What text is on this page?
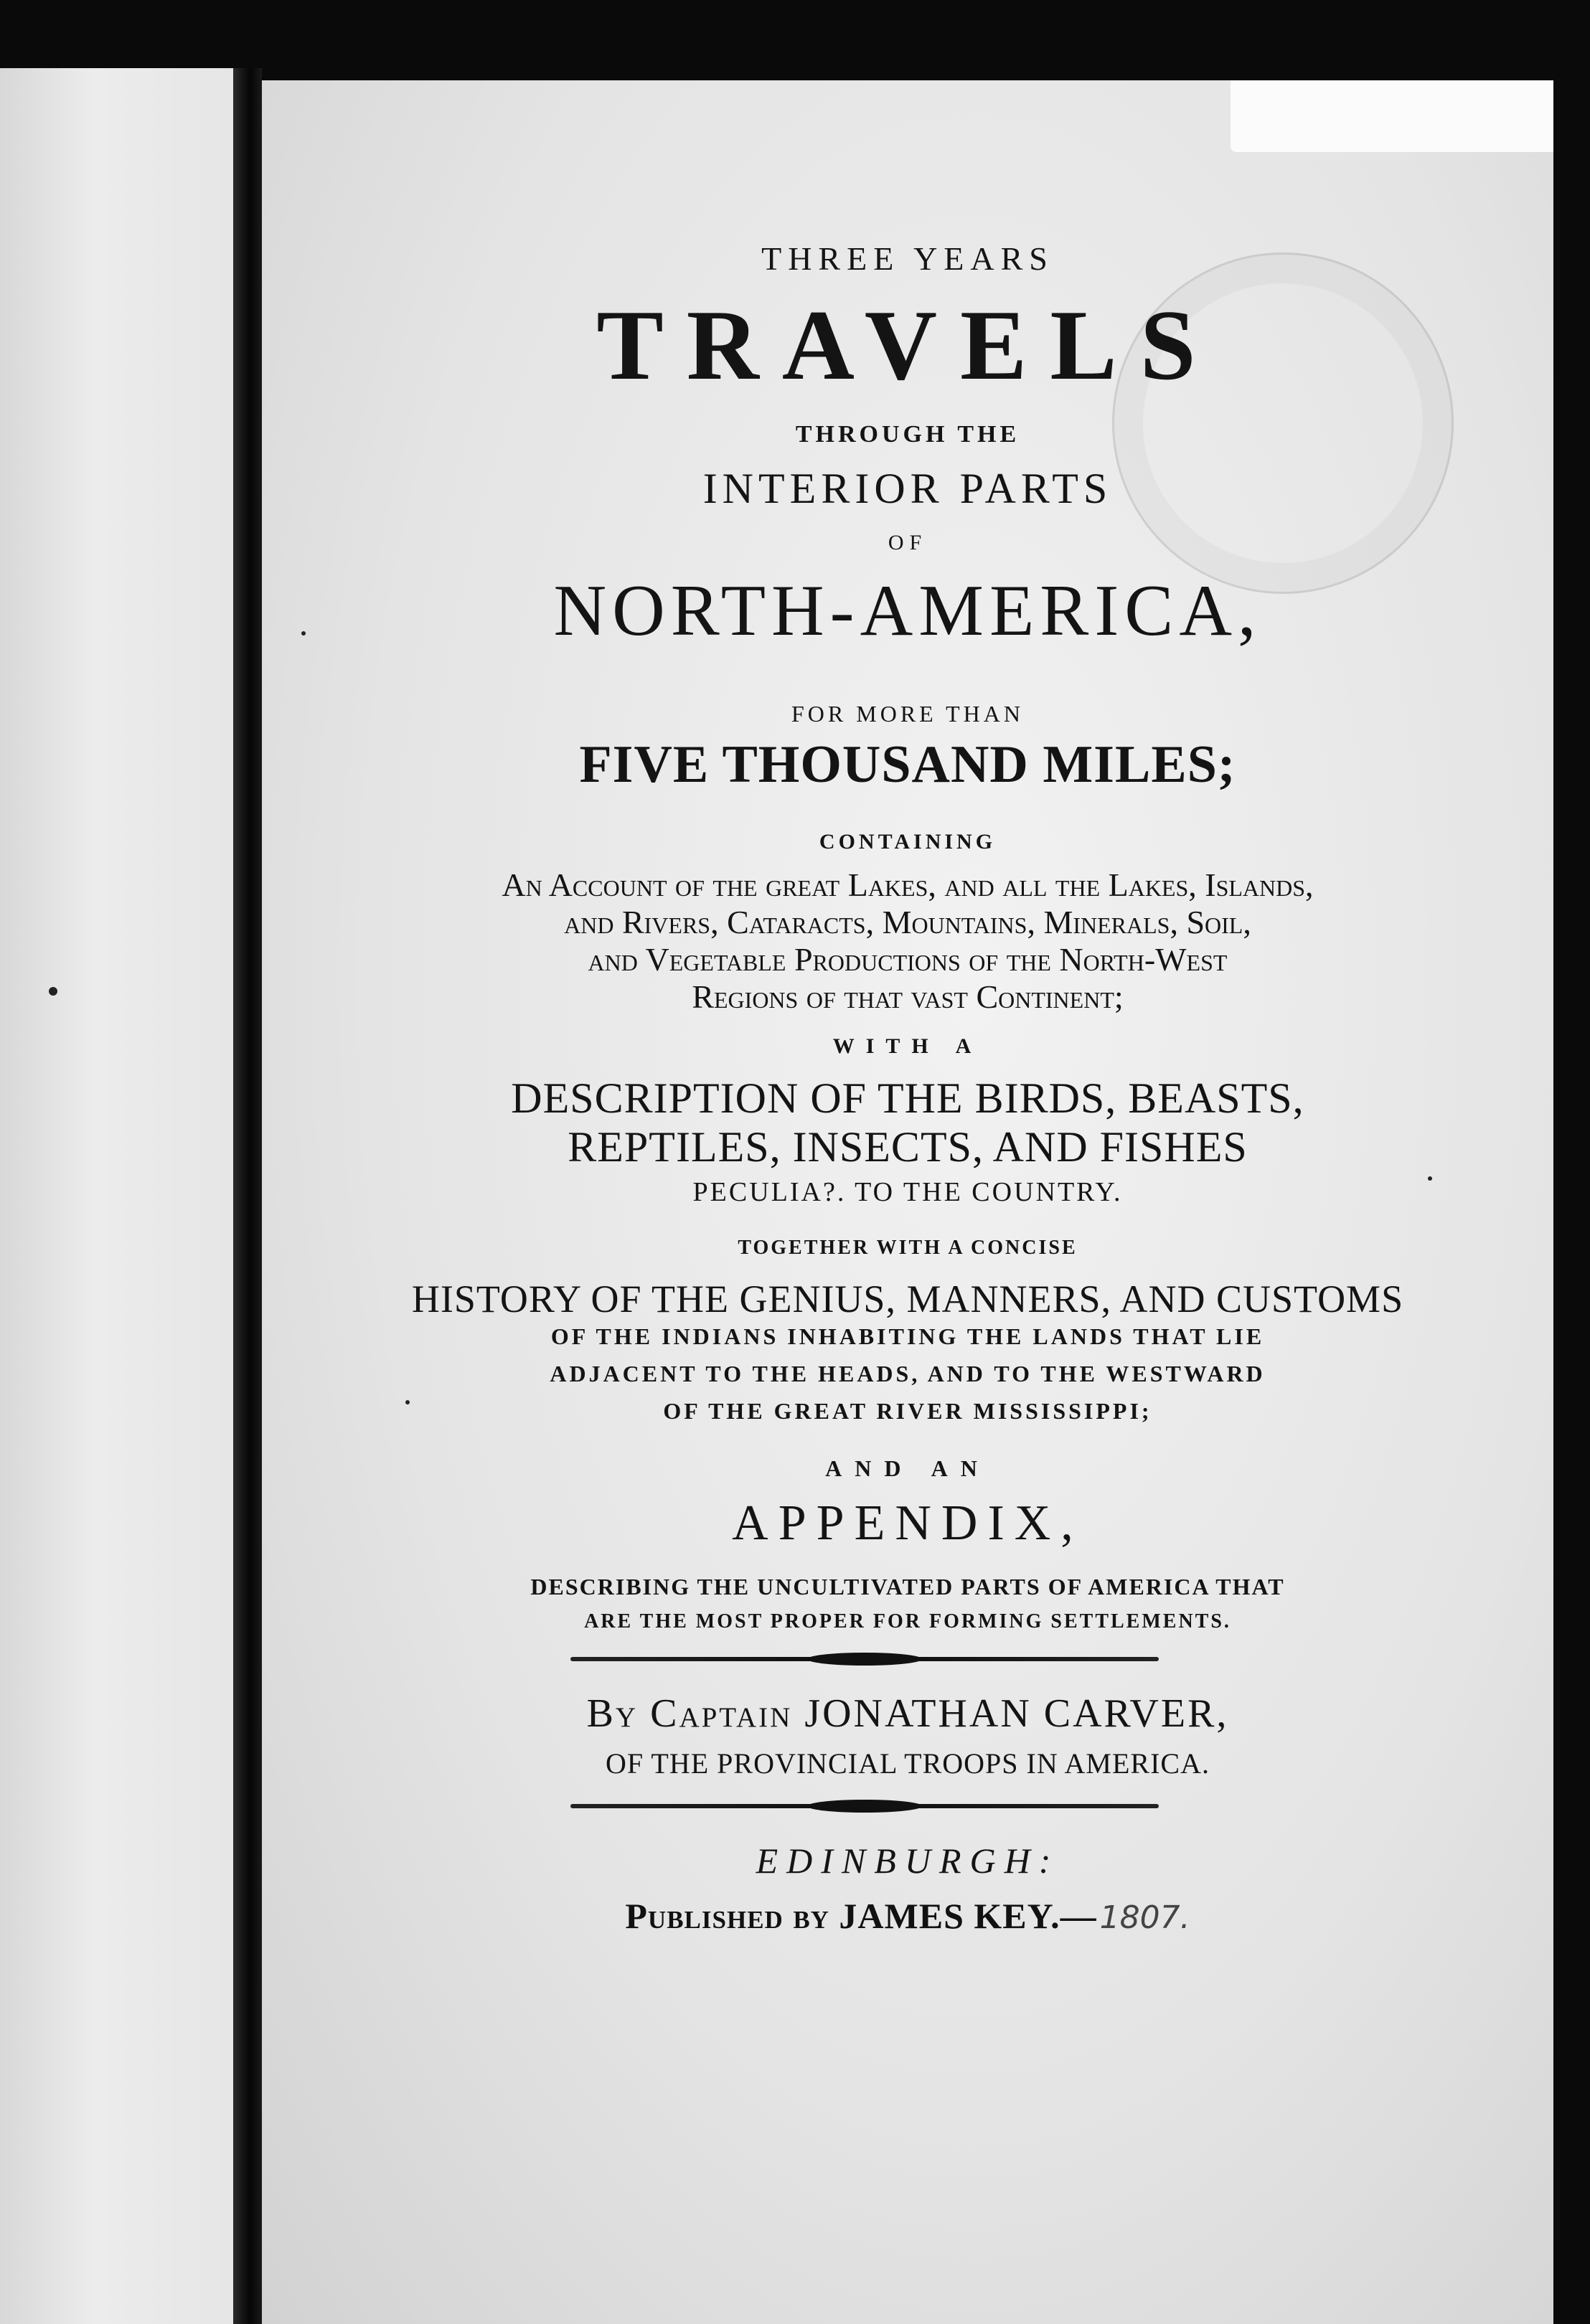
THREE YEARS
TRAVELS
THROUGH THE
INTERIOR PARTS
OF
NORTH-AMERICA,
FOR MORE THAN
FIVE THOUSAND MILES;
CONTAINING
An Account of the great Lakes, and all the Lakes, Islands,
and Rivers, Cataracts, Mountains, Minerals, Soil,
and Vegetable Productions of the North-West
Regions of that vaſt Continent;
WITH A
DESCRIPTION OF THE BIRDS, BEASTS,
REPTILES, INSECTS, AND FISHES
PECULIA?. TO THE COUNTRY.
TOGETHER WITH A CONCISE
HISTORY OF THE GENIUS, MANNERS, AND CUSTOMS
OF THE INDIANS INHABITING THE LANDS THAT LIE
ADJACENT TO THE HEADS, AND TO THE WESTWARD
OF THE GREAT RIVER MISSISSIPPI;
AND AN
APPENDIX,
DESCRIBING THE UNCULTIVATED PARTS OF AMERICA THAT
ARE THE MOST PROPER FOR FORMING SETTLEMENTS.
By Captain JONATHAN CARVER,
OF THE PROVINCIAL TROOPS IN AMERICA.
EDINBURGH:
Published by JAMES KEY.— 1807.
